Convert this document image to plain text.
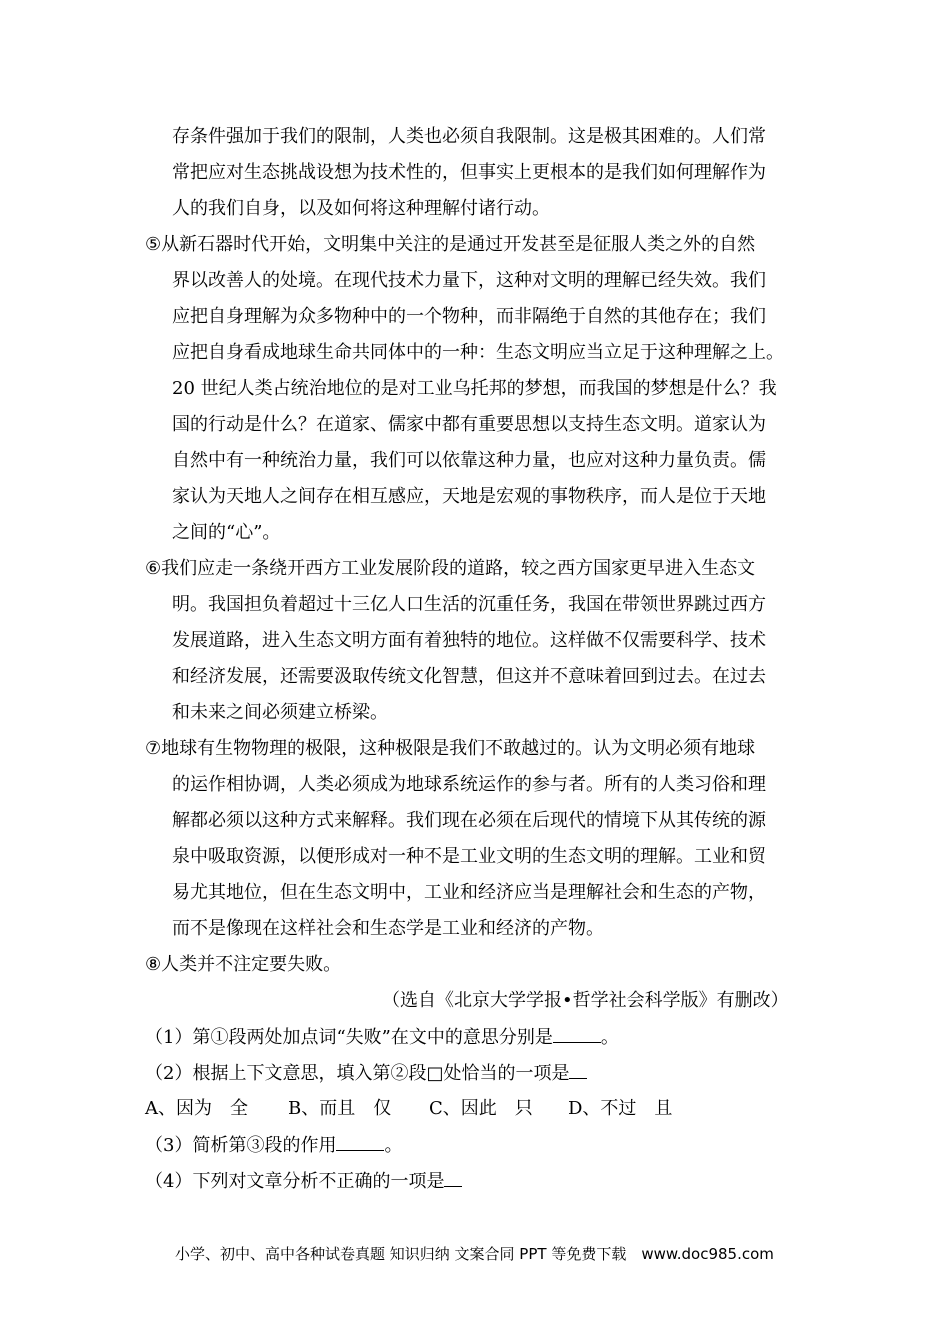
存条件强加于我们的限制，人类也必须自我限制。这是极其困难的。人们常
常把应对生态挑战设想为技术性的，但事实上更根本的是我们如何理解作为
人的我们自身，以及如何将这种理解付诸行动。
⑤从新石器时代开始，文明集中关注的是通过开发甚至是征服人类之外的自然
界以改善人的处境。在现代技术力量下，这种对文明的理解已经失效。我们
应把自身理解为众多物种中的一个物种，而非隔绝于自然的其他存在；我们
应把自身看成地球生命共同体中的一种：生态文明应当立足于这种理解之上。
20 世纪人类占统治地位的是对工业乌托邦的梦想，而我国的梦想是什么？我
国的行动是什么？在道家、儒家中都有重要思想以支持生态文明。道家认为
自然中有一种统治力量，我们可以依靠这种力量，也应对这种力量负责。儒
家认为天地人之间存在相互感应，天地是宏观的事物秩序，而人是位于天地
之间的“心”。
⑥我们应走一条绕开西方工业发展阶段的道路，较之西方国家更早进入生态文
明。我国担负着超过十三亿人口生活的沉重任务，我国在带领世界跳过西方
发展道路，进入生态文明方面有着独特的地位。这样做不仅需要科学、技术
和经济发展，还需要汲取传统文化智慧，但这并不意味着回到过去。在过去
和未来之间必须建立桥梁。
⑦地球有生物物理的极限，这种极限是我们不敢越过的。认为文明必须有地球
的运作相协调，人类必须成为地球系统运作的参与者。所有的人类习俗和理
解都必须以这种方式来解释。我们现在必须在后现代的情境下从其传统的源
泉中吸取资源，以便形成对一种不是工业文明的生态文明的理解。工业和贸
易尤其地位，但在生态文明中，工业和经济应当是理解社会和生态的产物，
而不是像现在这样社会和生态学是工业和经济的产物。
⑧人类并不注定要失败。
（选自《北京大学学报•哲学社会科学版》有删改）
（1）第①段两处加点词“失败”在文中的意思分别是	。
（2）根据上下文意思，填入第②段□处恰当的一项是
A、因为　全 B、而且　仅 C、因此　只 D、不过　且
（3）简析第③段的作用	。
（4）下列对文章分析不正确的一项是
小学、初中、高中各种试卷真题 知识归纳 文案合同 PPT 等免费下载　www.doc985.com
